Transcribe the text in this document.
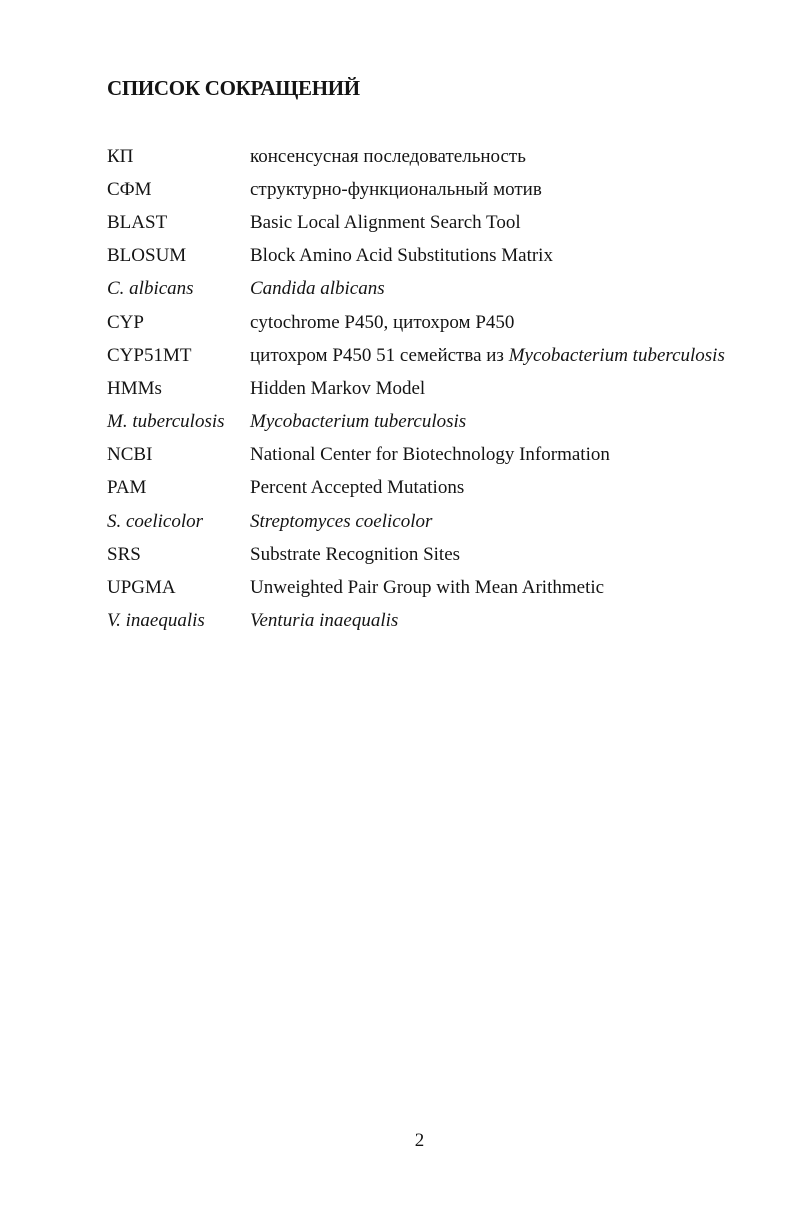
СПИСОК СОКРАЩЕНИЙ
КП	консенсусная последовательность
СФМ	структурно-функциональный мотив
BLAST	Basic Local Alignment Search Tool
BLOSUM	Block Amino Acid Substitutions Matrix
C. albicans	Candida albicans
CYP	cytochrome P450, цитохром P450
CYP51MT	цитохром P450 51 семейства из Mycobacterium tuberculosis
HMMs	Hidden Markov Model
M. tuberculosis	Mycobacterium tuberculosis
NCBI	National Center for Biotechnology Information
PAM	Percent Accepted Mutations
S. coelicolor	Streptomyces coelicolor
SRS	Substrate Recognition Sites
UPGMA	Unweighted Pair Group with Mean Arithmetic
V. inaequalis	Venturia inaequalis
2
